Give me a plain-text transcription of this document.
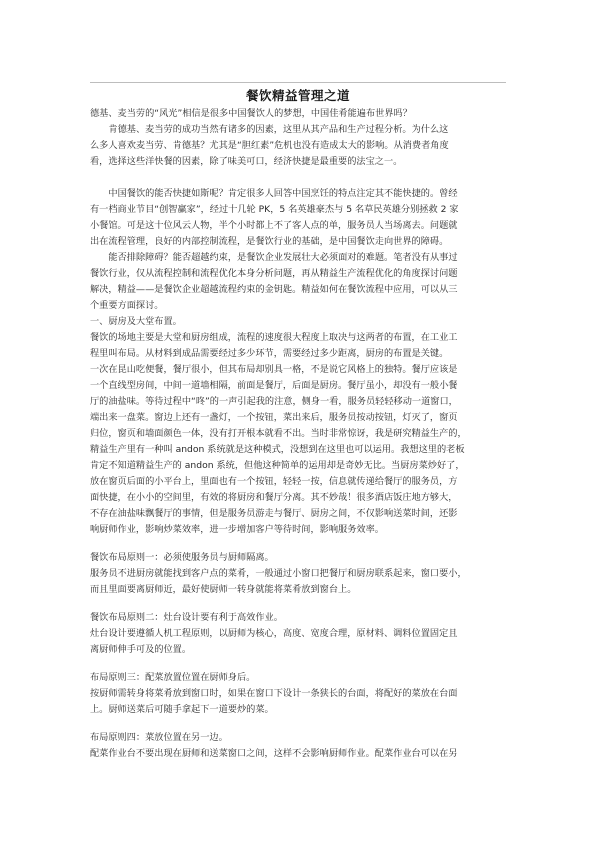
餐饮精益管理之道

德基、麦当劳的“风光”相信是很多中国餐饮人的梦想，中国佳肴能遍布世界吗？

肯德基、麦当劳的成功当然有诸多的因素，这里从其产品和生产过程分析。为什么这

么多人喜欢麦当劳、肯德基？尤其是“胆红素”危机也没有造成太大的影响。从消费者角度

看，选择这些洋快餐的因素，除了味美可口，经济快捷是最重要的法宝之一。

中国餐饮的能否快捷如斯呢？肯定很多人回答中国烹饪的特点注定其不能快捷的。曾经

有一档商业节目“创智赢家”，经过十几轮 PK，5 名英雄豪杰与 5 名草民英雄分别拯救 2 家

小餐馆。可是这十位风云人物，半个小时都上不了客人点的单，服务员人当场离去。问题就

出在流程管理，良好的内部控制流程，是餐饮行业的基础，是中国餐饮走向世界的障碍。

能否排除障碍？能否超越约束，是餐饮企业发展壮大必须面对的难题。笔者没有从事过

餐饮行业，仅从流程控制和流程优化本身分析问题，再从精益生产流程优化的角度探讨问题

解决，精益——是餐饮企业超越流程约束的金钥匙。精益如何在餐饮流程中应用，可以从三

个重要方面探讨。

一、厨房及大堂布置。

餐饮的场地主要是大堂和厨房组成，流程的速度很大程度上取决与这两者的布置，在工业工

程里叫布局。从材料到成品需要经过多少环节，需要经过多少距离，厨房的布置是关键。

一次在昆山吃便餐，餐厅很小，但其布局却别具一格，不是说它风格上的独特。餐厅应该是

一个直线型房间，中间一道墙相隔，前面是餐厅，后面是厨房。餐厅虽小，却没有一般小餐

厅的油盐味。等待过程中“咚”的一声引起我的注意，侧身一看，服务员轻轻移动一道窗口，

端出来一盘菜。窗边上还有一盏灯，一个按钮，菜出来后，服务员按动按钮，灯灭了，窗页

归位，窗页和墙面颜色一体，没有打开根本就看不出。当时非常惊讶，我是研究精益生产的，

精益生产里有一种叫 andon 系统就是这种模式，没想到在这里也可以运用。我想这里的老板

肯定不知道精益生产的 andon 系统，但他这种简单的运用却是奇妙无比。当厨房菜炒好了，

放在窗页后面的小平台上，里面也有一个按钮，轻轻一按，信息就传递给餐厅的服务员，方

面快捷，在小小的空间里，有效的将厨房和餐厅分离。其不妙哉！很多酒店饭庄地方够大，

不存在油盐味飘餐厅的事情，但是服务员游走与餐厅、厨房之间，不仅影响送菜时间，还影

响厨师作业，影响炒菜效率，进一步增加客户等待时间，影响服务效率。

餐饮布局原则一：必须使服务员与厨师隔离。

服务员不进厨房就能找到客户点的菜肴，一般通过小窗口把餐厅和厨房联系起来，窗口要小，

而且里面要离厨师近，最好使厨师一转身就能将菜肴放到窗台上。

餐饮布局原则二：灶台设计要有利于高效作业。

灶台设计要遵循人机工程原则，以厨师为核心，高度、宽度合理，原材料、调料位置固定且

离厨师伸手可及的位置。

布局原则三：配菜放置位置在厨师身后。

按厨师需转身将菜肴放到窗口时，如果在窗口下设计一条狭长的台面，将配好的菜放在台面

上。厨师送菜后可随手拿起下一道要炒的菜。

布局原则四：菜放位置在另一边。

配菜作业台不要出现在厨师和送菜窗口之间，这样不会影响厨师作业。配菜作业台可以在另
